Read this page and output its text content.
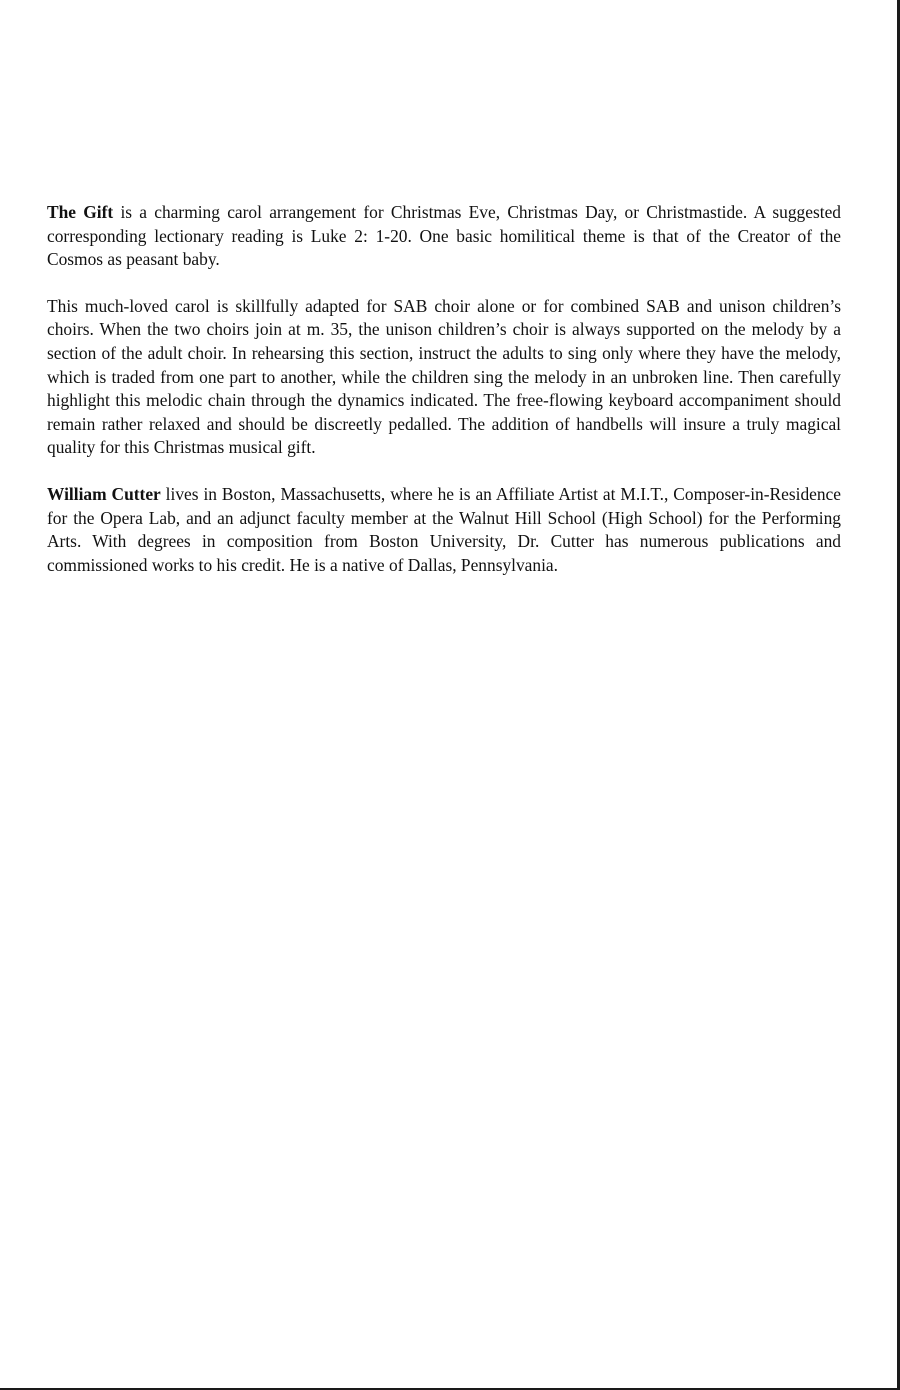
The Gift is a charming carol arrangement for Christmas Eve, Christmas Day, or Christmastide. A suggested corresponding lectionary reading is Luke 2: 1-20. One basic homilitical theme is that of the Creator of the Cosmos as peasant baby.

This much-loved carol is skillfully adapted for SAB choir alone or for combined SAB and unison children’s choirs. When the two choirs join at m. 35, the unison children’s choir is always supported on the melody by a section of the adult choir. In rehearsing this section, instruct the adults to sing only where they have the melody, which is traded from one part to another, while the children sing the melody in an unbroken line. Then carefully highlight this melodic chain through the dynamics indicated. The free-flowing keyboard accompaniment should remain rather relaxed and should be discreetly pedalled. The addition of handbells will insure a truly magical quality for this Christmas musical gift.

William Cutter lives in Boston, Massachusetts, where he is an Affiliate Artist at M.I.T., Composer-in-Residence for the Opera Lab, and an adjunct faculty member at the Walnut Hill School (High School) for the Performing Arts. With degrees in composition from Boston University, Dr. Cutter has numerous publications and commissioned works to his credit. He is a native of Dallas, Pennsylvania.
